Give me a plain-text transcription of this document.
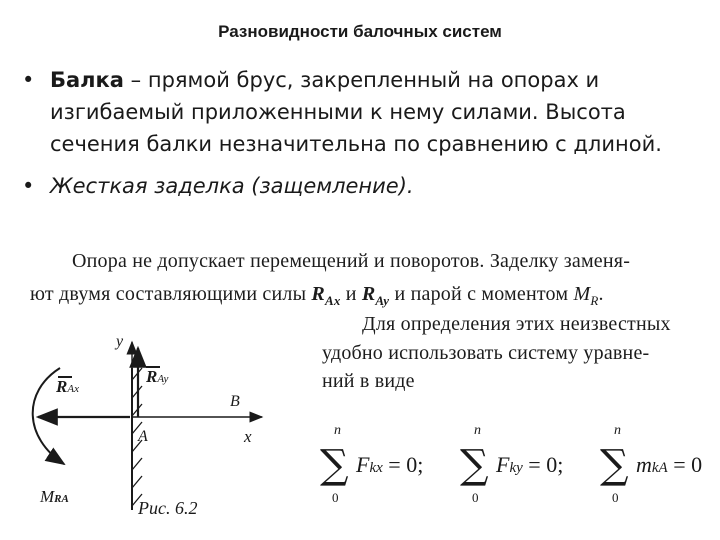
Разновидности балочных систем
• Балка – прямой брус, закрепленный на опорах и
изгибаемый приложенными к нему силами. Высота
сечения балки незначительна по сравнению с длиной.
• Жесткая заделка (защемление).
Опора не допускает перемещений и поворотов. Заделку заменя-
ют двумя составляющими силы $R_{Ax}$ и $R_{Ay}$ и парой с моментом $M_R$.
Для определения этих неизвестных
удобно использовать систему уравне-
ний в виде
RAx
RAy
y
x
A
B
MRA	Рис. 6.2
n
∑
0
Fkx = 0;
n
∑
0
Fky = 0;
n
∑
0
mkA = 0
